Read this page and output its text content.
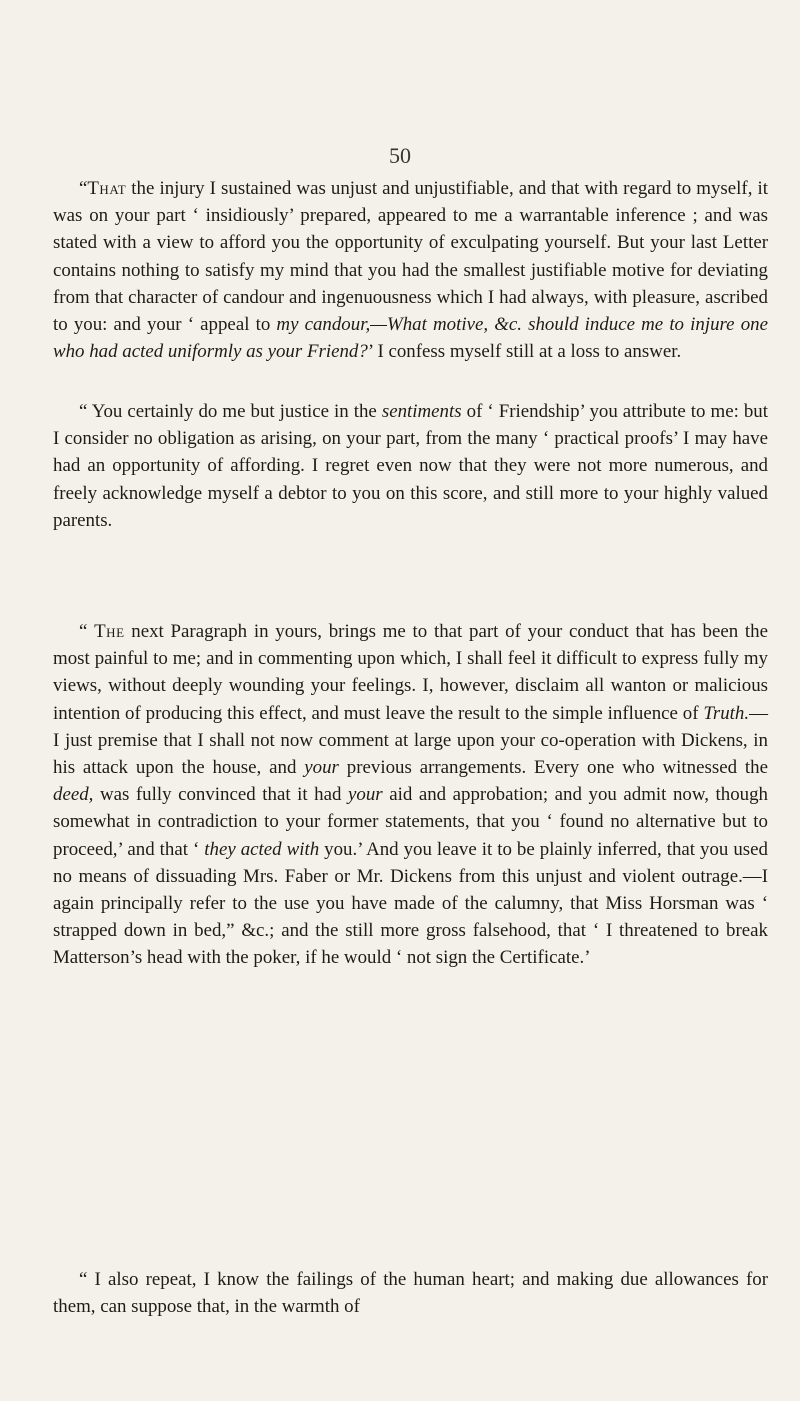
50

“That the injury I sustained was unjust and unjustifiable, and that with regard to myself, it was on your part ‘ insidiously’ prepared, appeared to me a warrantable inference ; and was stated with a view to afford you the opportunity of exculpating yourself. But your last Letter contains nothing to satisfy my mind that you had the smallest justifiable motive for deviating from that character of candour and ingenuousness which I had always, with pleasure, ascribed to you: and your ‘ appeal to my candour,—What motive, &c. should induce me to injure one who had acted uniformly as your Friend?’ I confess myself still at a loss to answer.

“ You certainly do me but justice in the sentiments of ‘ Friendship’ you attribute to me: but I consider no obligation as arising, on your part, from the many ‘ practical proofs’ I may have had an opportunity of affording. I regret even now that they were not more numerous, and freely acknowledge myself a debtor to you on this score, and still more to your highly valued parents.

“ The next Paragraph in yours, brings me to that part of your conduct that has been the most painful to me; and in commenting upon which, I shall feel it difficult to express fully my views, without deeply wounding your feelings. I, however, disclaim all wanton or malicious intention of producing this effect, and must leave the result to the simple influence of Truth.—I just premise that I shall not now comment at large upon your co-operation with Dickens, in his attack upon the house, and your previous arrangements. Every one who witnessed the deed, was fully convinced that it had your aid and approbation; and you admit now, though somewhat in contradiction to your former statements, that you ‘ found no alternative but to proceed,’ and that ‘ they acted with you.’ And you leave it to be plainly inferred, that you used no means of dissuading Mrs. Faber or Mr. Dickens from this unjust and violent outrage.—I again principally refer to the use you have made of the calumny, that Miss Horsman was ‘ strapped down in bed,” &c.; and the still more gross falsehood, that ‘ I threatened to break Matterson’s head with the poker, if he would ‘ not sign the Certificate.’

“ I also repeat, I know the failings of the human heart; and making due allowances for them, can suppose that, in the warmth of
